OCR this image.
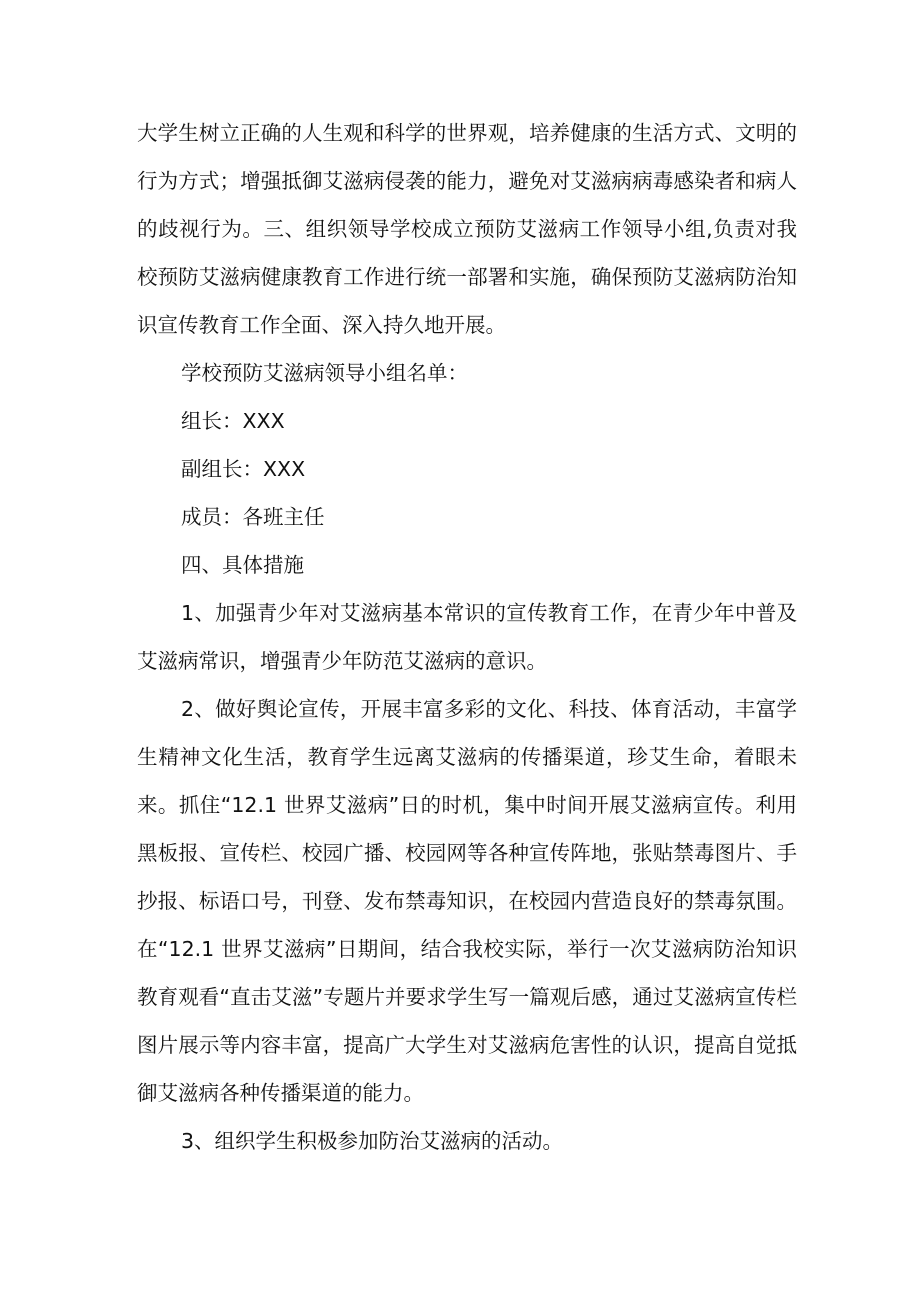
大学生树立正确的人生观和科学的世界观，培养健康的生活方式、文明的行为方式；增强抵御艾滋病侵袭的能力，避免对艾滋病病毒感染者和病人的歧视行为。三、组织领导学校成立预防艾滋病工作领导小组,负责对我校预防艾滋病健康教育工作进行统一部署和实施，确保预防艾滋病防治知识宣传教育工作全面、深入持久地开展。

学校预防艾滋病领导小组名单：

组长：XXX

副组长：XXX

成员：各班主任

四、具体措施

1、加强青少年对艾滋病基本常识的宣传教育工作，在青少年中普及艾滋病常识，增强青少年防范艾滋病的意识。

2、做好舆论宣传，开展丰富多彩的文化、科技、体育活动，丰富学生精神文化生活，教育学生远离艾滋病的传播渠道，珍艾生命，着眼未来。抓住“12.1 世界艾滋病”日的时机，集中时间开展艾滋病宣传。利用黑板报、宣传栏、校园广播、校园网等各种宣传阵地，张贴禁毒图片、手抄报、标语口号，刊登、发布禁毒知识，在校园内营造良好的禁毒氛围。在“12.1 世界艾滋病”日期间，结合我校实际，举行一次艾滋病防治知识教育观看“直击艾滋”专题片并要求学生写一篇观后感，通过艾滋病宣传栏图片展示等内容丰富，提高广大学生对艾滋病危害性的认识，提高自觉抵御艾滋病各种传播渠道的能力。

3、组织学生积极参加防治艾滋病的活动。
